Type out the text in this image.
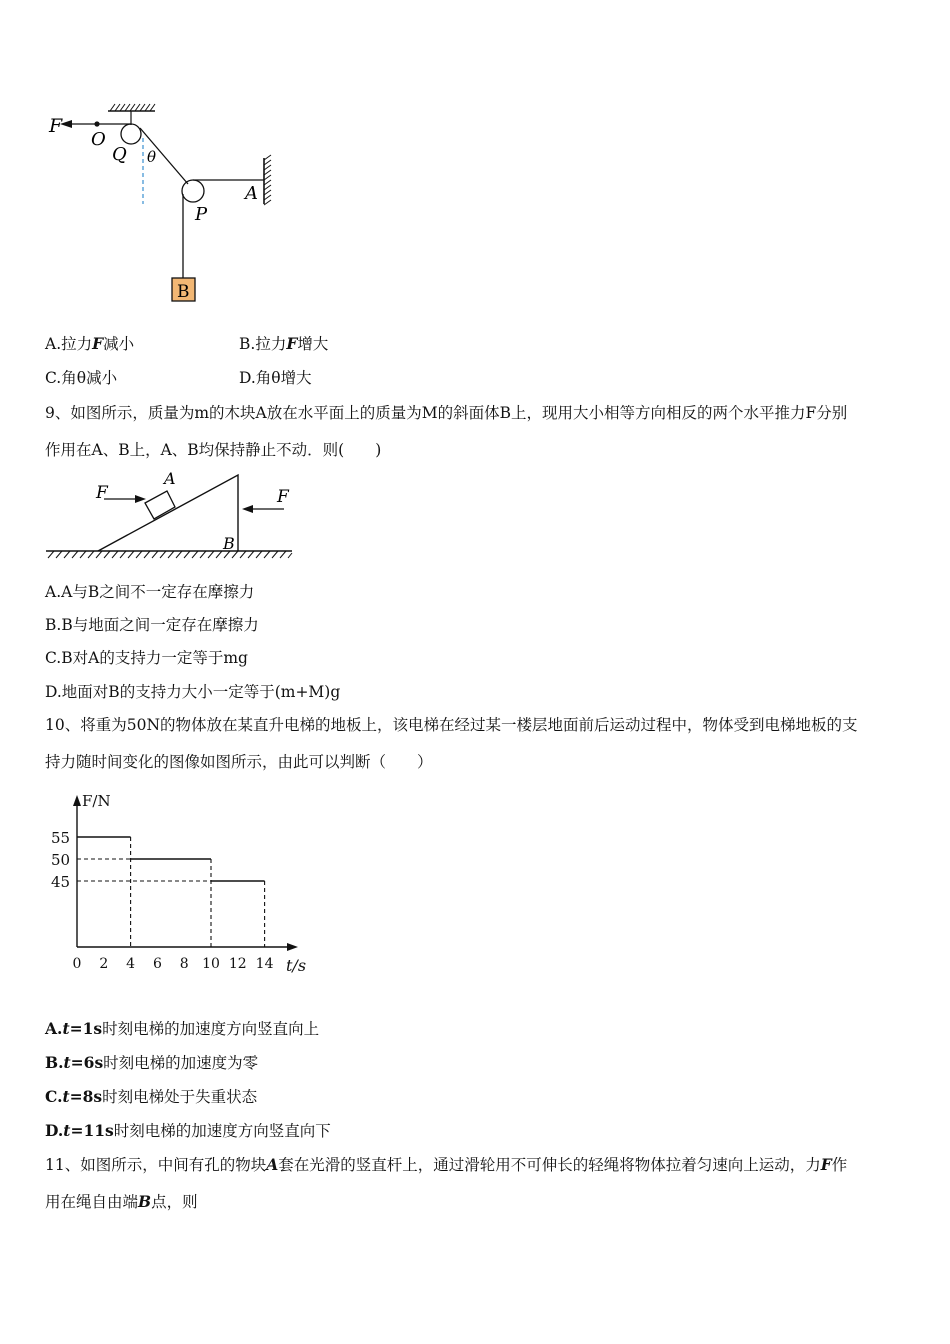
F
O
Q θ
A
P
B
A.拉力F减小	B.拉力F增大
C.角θ减小	D.角θ增大
9、如图所示，质量为m的木块A放在水平面上的质量为M的斜面体B上，现用大小相等方向相反的两个水平推力F分别
作用在A、B上，A、B均保持静止不动．则(　　)
F
A
F
B
A.A与B之间不一定存在摩擦力
B.B与地面之间一定存在摩擦力
C.B对A的支持力一定等于mg
D.地面对B的支持力大小一定等于(m+M)g
10、将重为50N的物体放在某直升电梯的地板上，该电梯在经过某一楼层地面前后运动过程中，物体受到电梯地板的支
持力随时间变化的图像如图所示，由此可以判断（　　）
F/N
t/s
55
50
45
0 2 4 6 8 10 12 14
A.t=1s时刻电梯的加速度方向竖直向上
B.t=6s时刻电梯的加速度为零
C.t=8s时刻电梯处于失重状态
D.t=11s时刻电梯的加速度方向竖直向下
11、如图所示，中间有孔的物块A套在光滑的竖直杆上，通过滑轮用不可伸长的轻绳将物体拉着匀速向上运动，力F作
用在绳自由端B点，则
